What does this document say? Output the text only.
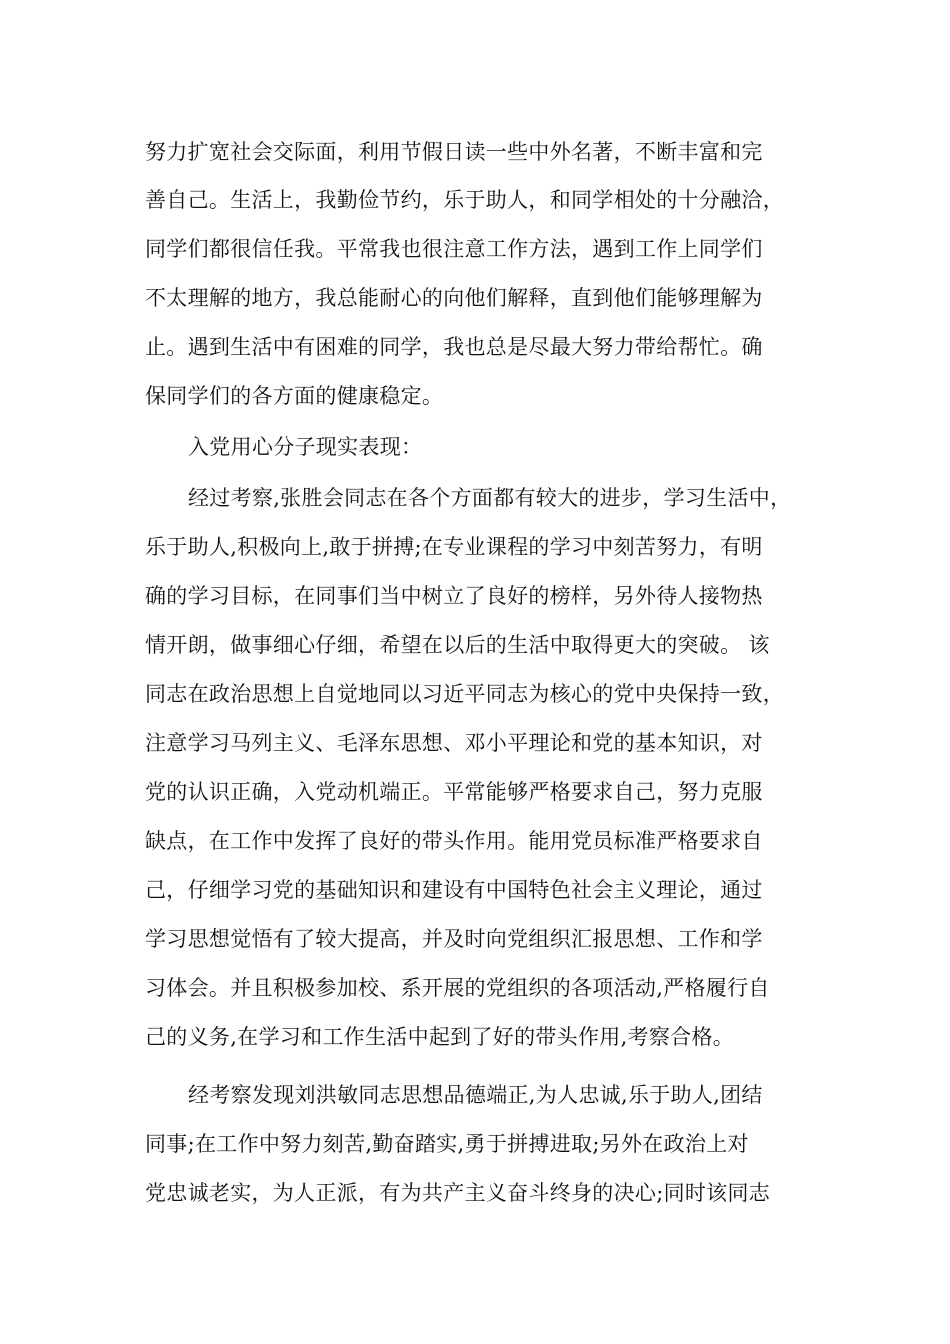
努力扩宽社会交际面，利用节假日读一些中外名著，不断丰富和完
善自己。生活上，我勤俭节约，乐于助人，和同学相处的十分融洽，
同学们都很信任我。平常我也很注意工作方法，遇到工作上同学们
不太理解的地方，我总能耐心的向他们解释，直到他们能够理解为
止。遇到生活中有困难的同学，我也总是尽最大努力带给帮忙。确
保同学们的各方面的健康稳定。
入党用心分子现实表现：
经过考察,张胜会同志在各个方面都有较大的进步，学习生活中，
乐于助人,积极向上,敢于拼搏;在专业课程的学习中刻苦努力，有明
确的学习目标，在同事们当中树立了良好的榜样，另外待人接物热
情开朗，做事细心仔细，希望在以后的生活中取得更大的突破。 该
同志在政治思想上自觉地同以习近平同志为核心的党中央保持一致，
注意学习马列主义、毛泽东思想、邓小平理论和党的基本知识，对
党的认识正确，入党动机端正。平常能够严格要求自己，努力克服
缺点，在工作中发挥了良好的带头作用。能用党员标准严格要求自
己，仔细学习党的基础知识和建设有中国特色社会主义理论，通过
学习思想觉悟有了较大提高，并及时向党组织汇报思想、工作和学
习体会。并且积极参加校、系开展的党组织的各项活动,严格履行自
己的义务,在学习和工作生活中起到了好的带头作用,考察合格。
经考察发现刘洪敏同志思想品德端正,为人忠诚,乐于助人,团结
同事;在工作中努力刻苦,勤奋踏实,勇于拼搏进取;另外在政治上对
党忠诚老实，为人正派，有为共产主义奋斗终身的决心;同时该同志
